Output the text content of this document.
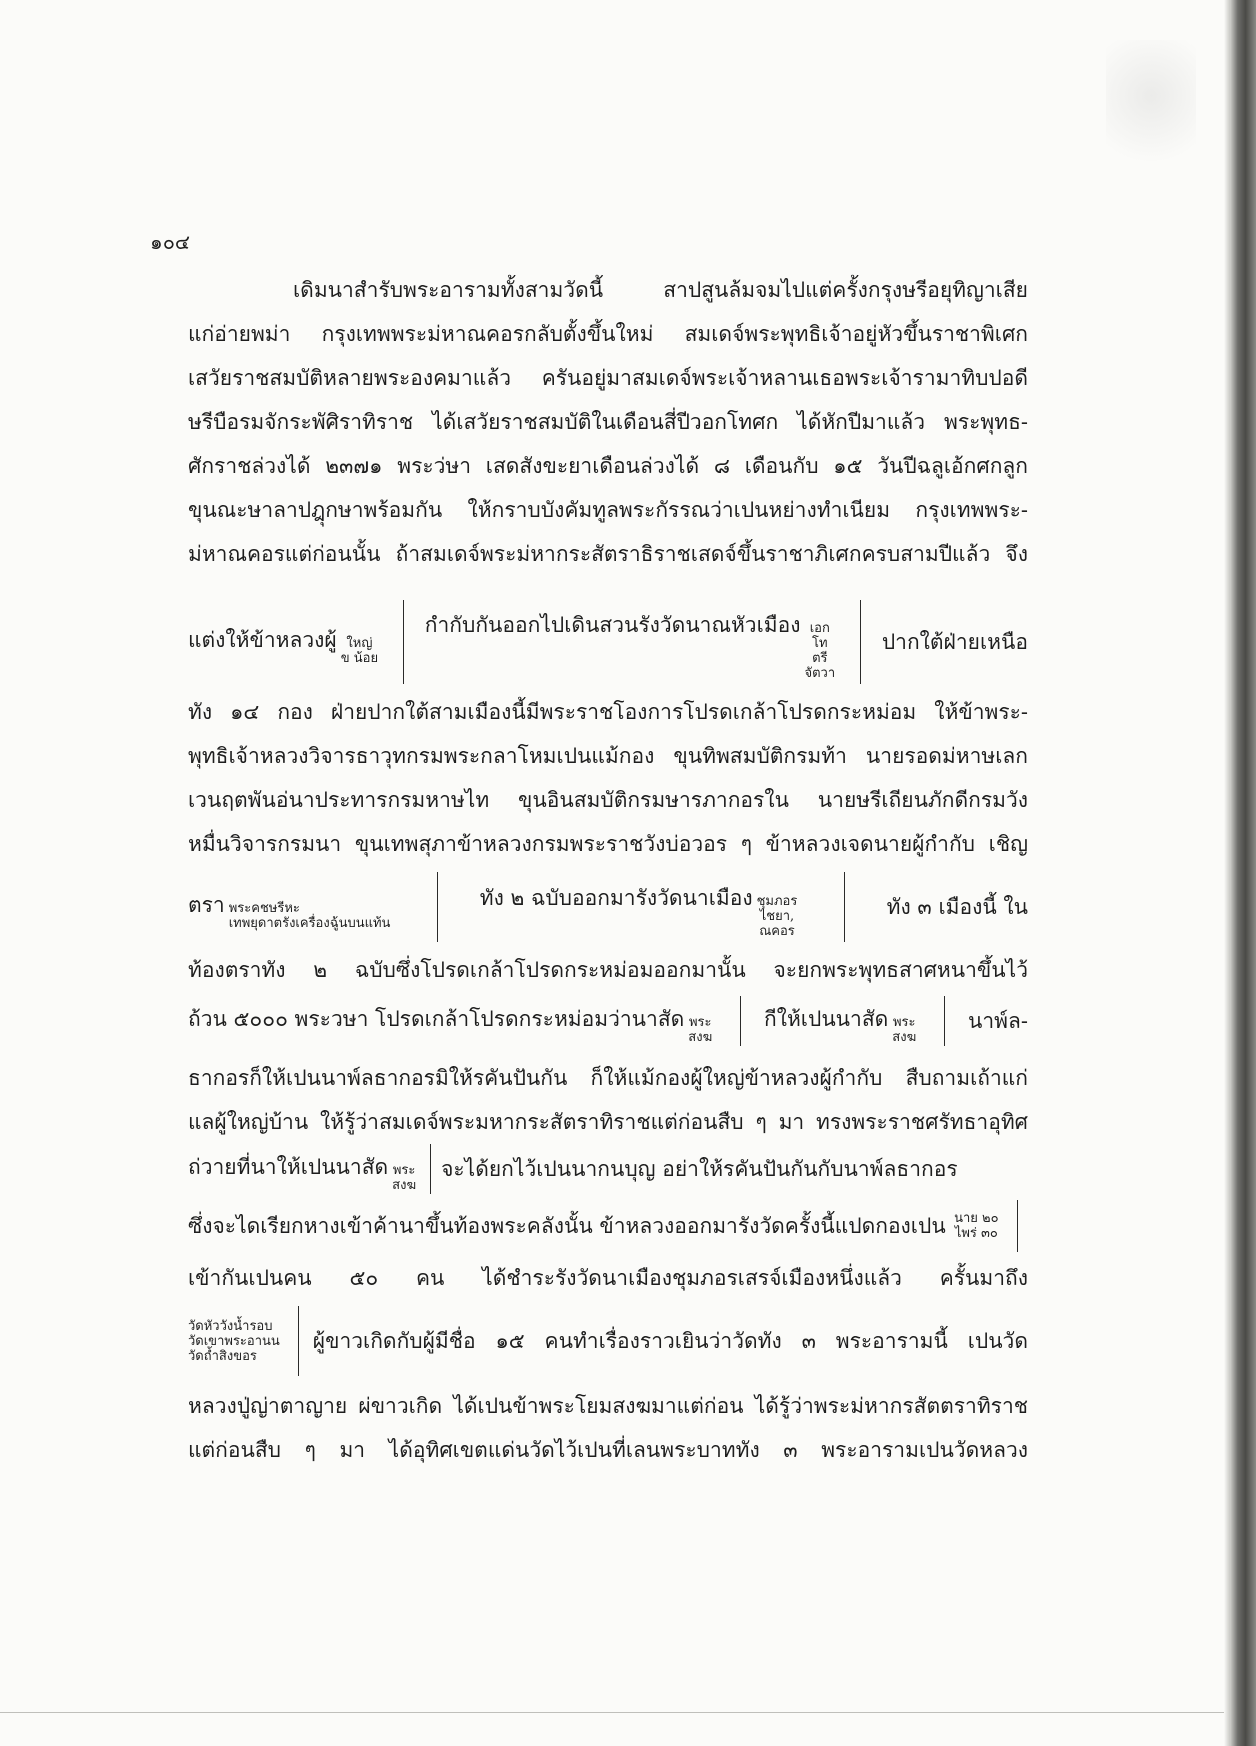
๑๐๔
เดิมนาสำรับพระอารามทั้งสามวัดนี้ สาปสูนล้มจมไปแต่ครั้งกรุงษรีอยุทิญาเสีย
แก่อ่ายพม่า กรุงเทพพระม่หาณคอรกลับตั้งขึ้นใหม่ สมเดจ์พระพุทธิเจ้าอยู่หัวขึ้นราชาพิเศก
เสวัยราชสมบัติหลายพระองคมาแล้ว ครันอยู่มาสมเดจ์พระเจ้าหลานเธอพระเจ้ารามาทิบปอดี
ษรีบือรมจักระพัศิราทิราช ได้เสวัยราชสมบัติในเดือนสี่ปีวอกโทศก ได้หักปีมาแล้ว พระพุทธ-
ศักราชล่วงได้ ๒๓๗๑ พระว่ษา เสดสังขะยาเดือนล่วงได้ ๘ เดือนกับ ๑๕ วันปีฉลูเอ้กศกลูก
ขุนณะษาลาปฎุกษาพร้อมกัน ให้กราบบังคัมทูลพระกัรรณว่าเปนหย่างทำเนียม กรุงเทพพระ-
ม่หาณคอรแต่ก่อนนั้น ถ้าสมเดจ์พระม่หากระสัตราธิราชเสดจ์ขึ้นราชาภิเศกครบสามปีแล้ว จึง
แต่งให้ข้าหลวงผู้ ใหญ่
ข น้อย
กำกับกันออกไปเดินสวนรังวัดนาณหัวเมือง เอก
โท
ตรี
จัตวา
ปากใต้ฝ่ายเหนือ
ทัง ๑๔ กอง ฝ่ายปากใต้สามเมืองนี้มีพระราชโองการโปรดเกล้าโปรดกระหม่อม ให้ข้าพระ-
พุทธิเจ้าหลวงวิจารธาวุทกรมพระกลาโหมเปนแม้กอง ขุนทิพสมบัติกรมท้า นายรอดม่หาษเลก
เวนฤตพันอ่นาประทารกรมหาษไท ขุนอินสมบัติกรมษารภากอรใน นายษรีเถียนภักดีกรมวัง
หมื่นวิจารกรมนา ขุนเทพสุภาข้าหลวงกรมพระราชวังบ่อวอร ๆ ข้าหลวงเจดนายผู้กำกับ เชิญ
ตรา พระคชษรีหะ
เทพยุดาตรังเครื่องฉู้นบนแท้น
ทัง ๒ ฉบับออกมารังวัดนาเมือง ชุมภอร
ไชยา,
ณคอร
ทัง ๓ เมืองนี้ ใน
ท้องตราทัง ๒ ฉบับซึ่งโปรดเกล้าโปรดกระหม่อมออกมานั้น จะยกพระพุทธสาศหนาขึ้นไว้
ถ้วน ๕๐๐๐ พระวษา โปรดเกล้าโปรดกระหม่อมว่านาสัด พระ
สงฆ
กีให้เปนนาสัด พระ
สงฆ
นาพ์ล-
ธากอรก็ให้เปนนาพ์ลธากอรมิให้รคันปันกัน ก็ให้แม้กองผู้ใหญ่ข้าหลวงผู้กำกับ สืบถามเถ้าแก่
แลผู้ใหญ่บ้าน ให้รู้ว่าสมเดจ์พระมหากระสัตราทิราชแต่ก่อนสืบ ๆ มา ทรงพระราชศรัทธาอุทิศ
ถ่วายที่นาให้เปนนาสัด พระ
สงฆ
จะได้ยกไว้เปนนากนบุญ อย่าให้รคันปันกันกับนาพ์ลธากอร
ซึ่งจะไดเรียกหางเข้าค้านาขึ้นท้องพระคลังนั้น ข้าหลวงออกมารังวัดครั้งนี้แปดกองเปน นาย ๒๐
ไพร่ ๓๐
เข้ากันเปนคน ๕๐ คน ได้ชำระรังวัดนาเมืองชุมภอรเสรจ์เมืองหนึ่งแล้ว ครั้นมาถึง
วัดหัววังน้ำรอบ
วัดเขาพระอานน
วัดถ้ำสิงขอร
ผู้ขาวเกิดกับผู้มีชื่อ ๑๕ คนทำเรื่องราวเยินว่าวัดทัง ๓ พระอารามนี้ เปนวัด
หลวงปู่ญ่าตาญาย ผ่ขาวเกิด ได้เปนข้าพระโยมสงฆมาแต่ก่อน ได้รู้ว่าพระม่หากรสัตตราทิราช
แต่ก่อนสืบ ๆ มา ได้อุทิศเขตแด่นวัดไว้เปนที่เลนพระบาททัง ๓ พระอารามเปนวัดหลวง
